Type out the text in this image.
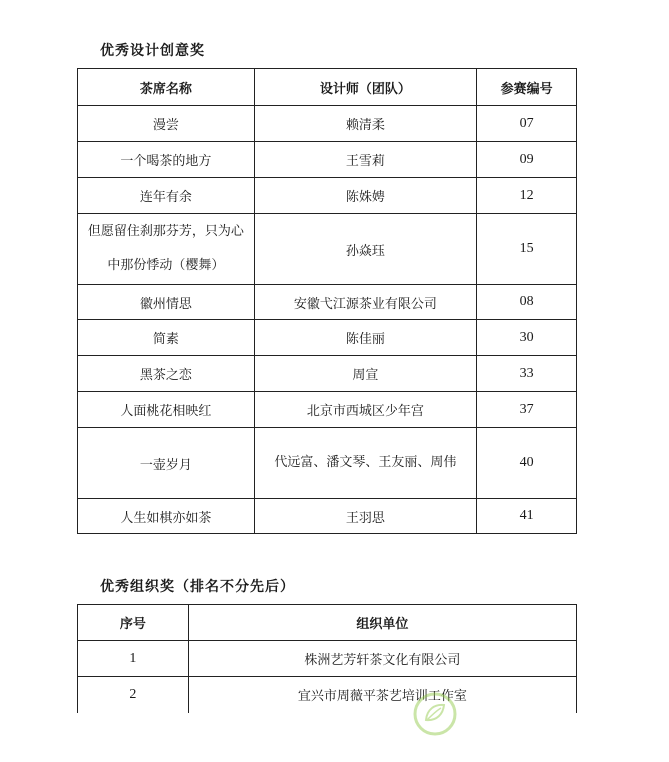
优秀设计创意奖
茶席名称	设计师（团队）	参赛编号
漫尝	赖清柔	07
一个喝茶的地方	王雪莉	09
连年有余	陈姝娉	12
但愿留住刹那芬芳，只为心中那份悸动（樱舞）	孙焱珏	15
徽州情思	安徽弋江源茶业有限公司	08
简素	陈佳丽	30
黑茶之恋	周宣	33
人面桃花相映红	北京市西城区少年宫	37
一壶岁月	代远富、潘文琴、王友丽、周伟	40
人生如棋亦如茶	王羽思	41
优秀组织奖（排名不分先后）
序号	组织单位
1	株洲艺芳轩茶文化有限公司
2	宜兴市周薇平茶艺培训工作室
